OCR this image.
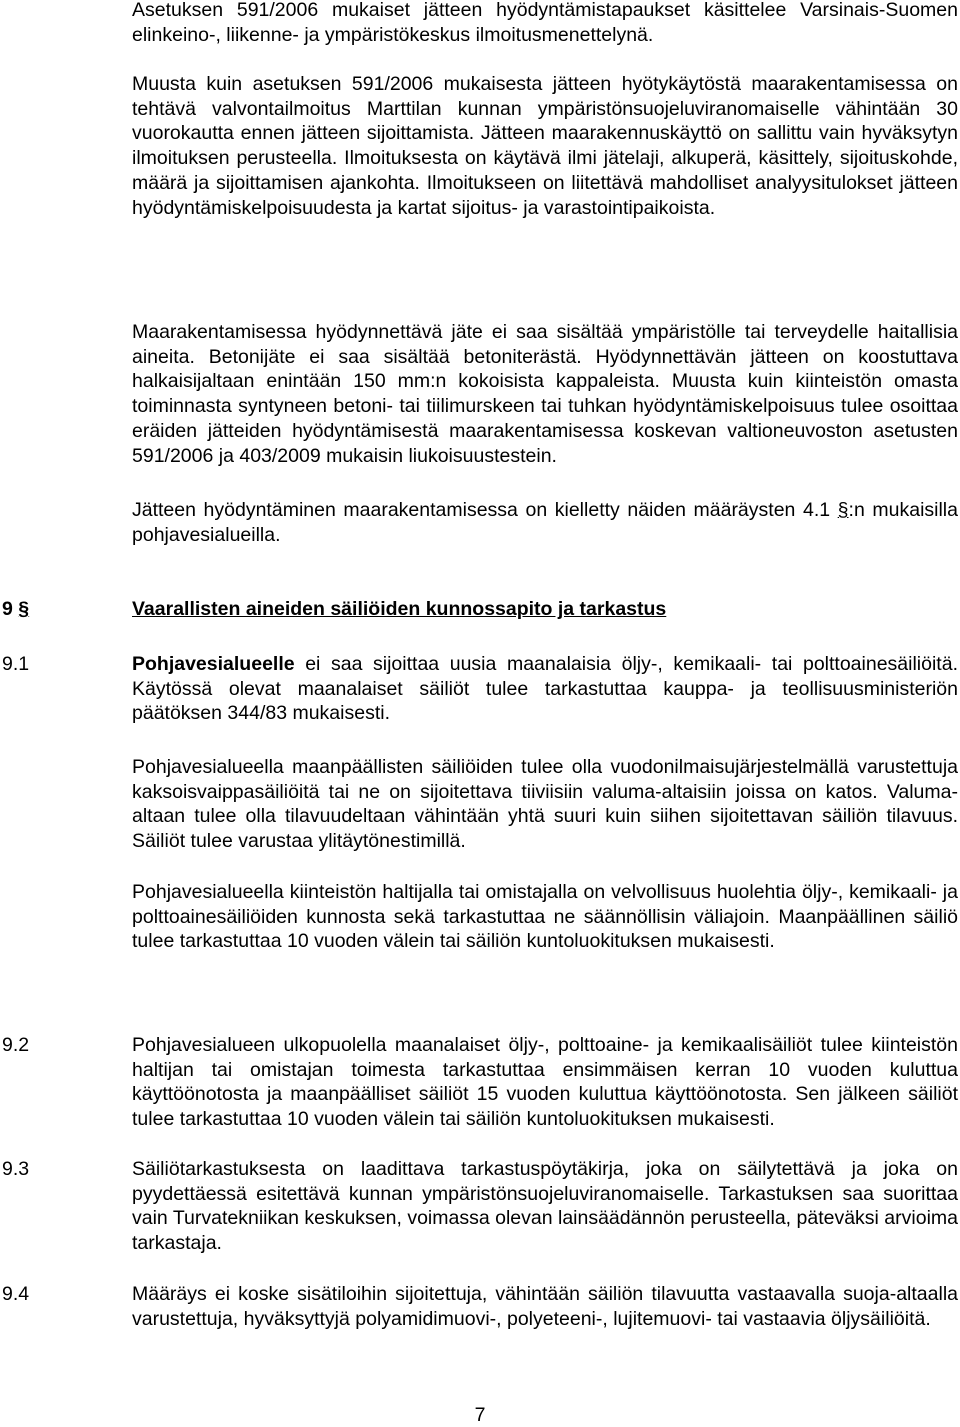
Asetuksen 591/2006 mukaiset jätteen hyödyntämistapaukset käsittelee Varsinais-Suomen elinkeino-, liikenne- ja ympäristökeskus ilmoitusmenettelynä.

Muusta kuin asetuksen 591/2006 mukaisesta jätteen hyötykäytöstä maarakentamisessa on tehtävä valvontailmoitus Marttilan kunnan ympäristönsuojeluviranomaiselle vähintään 30 vuorokautta ennen jätteen sijoittamista. Jätteen maarakennuskäyttö on sallittu vain hyväksytyn ilmoituksen perusteella. Ilmoituksesta on käytävä ilmi jätelaji, alkuperä, käsittely, sijoituskohde, määrä ja sijoittamisen ajankohta. Ilmoitukseen on liitettävä mahdolliset analyysitulokset jätteen hyödyntämiskelpoisuudesta ja kartat sijoitus- ja varastointipaikoista.

Maarakentamisessa hyödynnettävä jäte ei saa sisältää ympäristölle tai terveydelle haitallisia aineita. Betonijäte ei saa sisältää betoniterästä. Hyödynnettävän jätteen on koostuttava halkaisijaltaan enintään 150 mm:n kokoisista kappaleista. Muusta kuin kiinteistön omasta toiminnasta syntyneen betoni- tai tiilimurskeen tai tuhkan hyödyntämiskelpoisuus tulee osoittaa eräiden jätteiden hyödyntämisestä maarakentamisessa koskevan valtioneuvoston asetusten 591/2006 ja 403/2009 mukaisin liukoisuustestein.

Jätteen hyödyntäminen maarakentamisessa on kielletty näiden määräysten 4.1 §:n mukaisilla pohjavesialueilla.

9 §	Vaarallisten aineiden säiliöiden kunnossapito ja tarkastus

9.1	Pohjavesialueelle ei saa sijoittaa uusia maanalaisia öljy-, kemikaali- tai polttoainesäiliöitä. Käytössä olevat maanalaiset säiliöt tulee tarkastuttaa kauppa- ja teollisuusministeriön päätöksen 344/83 mukaisesti.

Pohjavesialueella maanpäällisten säiliöiden tulee olla vuodonilmaisujärjestelmällä varustettuja kaksoisvaippasäiliöitä tai ne on sijoitettava tiiviisiin valuma-altaisiin joissa on katos. Valuma-altaan tulee olla tilavuudeltaan vähintään yhtä suuri kuin siihen sijoitettavan säiliön tilavuus. Säiliöt tulee varustaa ylitäytönestimillä.

Pohjavesialueella kiinteistön haltijalla tai omistajalla on velvollisuus huolehtia öljy-, kemikaali- ja polttoainesäiliöiden kunnosta sekä tarkastuttaa ne säännöllisin väliajoin. Maanpäällinen säiliö tulee tarkastuttaa 10 vuoden välein tai säiliön kuntoluokituksen mukaisesti.

9.2	Pohjavesialueen ulkopuolella maanalaiset öljy-, polttoaine- ja kemikaalisäiliöt tulee kiinteistön haltijan tai omistajan toimesta tarkastuttaa ensimmäisen kerran 10 vuoden kuluttua käyttöönotosta ja maanpäälliset säiliöt 15 vuoden kuluttua käyttöönotosta. Sen jälkeen säiliöt tulee tarkastuttaa 10 vuoden välein tai säiliön kuntoluokituksen mukaisesti.

9.3	Säiliötarkastuksesta on laadittava tarkastuspöytäkirja, joka on säilytettävä ja joka on pyydettäessä esitettävä kunnan ympäristönsuojeluviranomaiselle. Tarkastuksen saa suorittaa vain Turvatekniikan keskuksen, voimassa olevan lainsäädännön perusteella, päteväksi arvioima tarkastaja.

9.4	Määräys ei koske sisätiloihin sijoitettuja, vähintään säiliön tilavuutta vastaavalla suoja-altaalla varustettuja, hyväksyttyjä polyamidimuovi-, polyeteeni-, lujitemuovi- tai vastaavia öljysäiliöitä.

7
